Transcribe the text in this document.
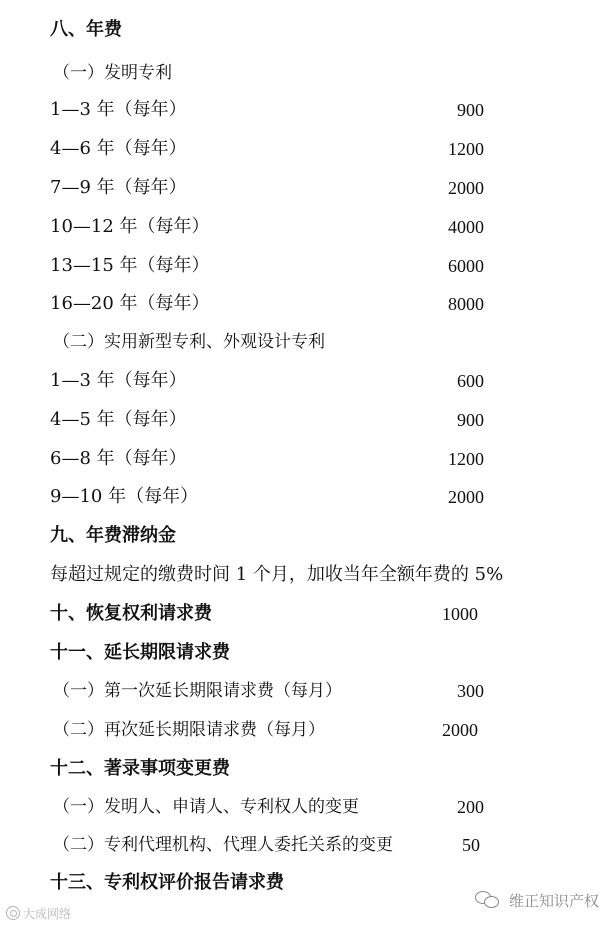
八、年费
（一）发明专利
1—3 年（每年）	900
4—6 年（每年）	1200
7—9 年（每年）	2000
10—12 年（每年）	4000
13—15 年（每年）	6000
16—20 年（每年）	8000
（二）实用新型专利、外观设计专利
1—3 年（每年）	600
4—5 年（每年）	900
6—8 年（每年）	1200
9—10 年（每年）	2000
九、年费滞纳金
每超过规定的缴费时间 1 个月，加收当年全额年费的 5%
十、恢复权利请求费	1000
十一、延长期限请求费
（一）第一次延长期限请求费（每月）	300
（二）再次延长期限请求费（每月）	2000
十二、著录事项变更费
（一）发明人、申请人、专利权人的变更	200
（二）专利代理机构、代理人委托关系的变更	50
十三、专利权评价报告请求费
大成网络
维正知识产权
